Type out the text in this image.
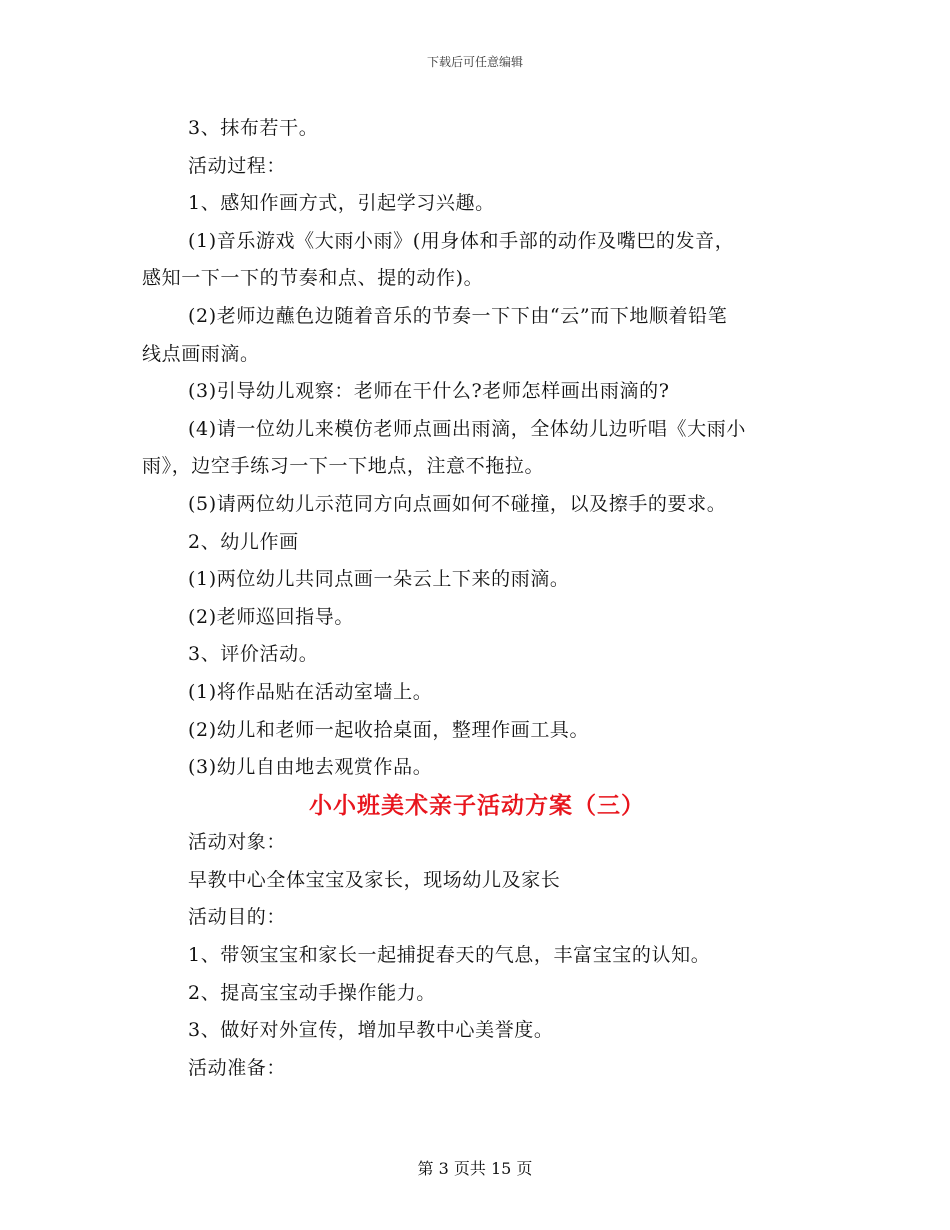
下载后可任意编辑
3、抹布若干。
活动过程：
1、感知作画方式，引起学习兴趣。
(1)音乐游戏《大雨小雨》(用身体和手部的动作及嘴巴的发音，
感知一下一下的节奏和点、提的动作)。
(2)老师边蘸色边随着音乐的节奏一下下由“云”而下地顺着铅笔
线点画雨滴。
(3)引导幼儿观察：老师在干什么?老师怎样画出雨滴的?
(4)请一位幼儿来模仿老师点画出雨滴，全体幼儿边听唱《大雨小
雨》，边空手练习一下一下地点，注意不拖拉。
(5)请两位幼儿示范同方向点画如何不碰撞，以及擦手的要求。
2、幼儿作画
(1)两位幼儿共同点画一朵云上下来的雨滴。
(2)老师巡回指导。
3、评价活动。
(1)将作品贴在活动室墙上。
(2)幼儿和老师一起收拾桌面，整理作画工具。
(3)幼儿自由地去观赏作品。
小小班美术亲子活动方案（三）
活动对象：
早教中心全体宝宝及家长，现场幼儿及家长
活动目的：
1、带领宝宝和家长一起捕捉春天的气息，丰富宝宝的认知。
2、提高宝宝动手操作能力。
3、做好对外宣传，增加早教中心美誉度。
活动准备：
第 3 页共 15 页
